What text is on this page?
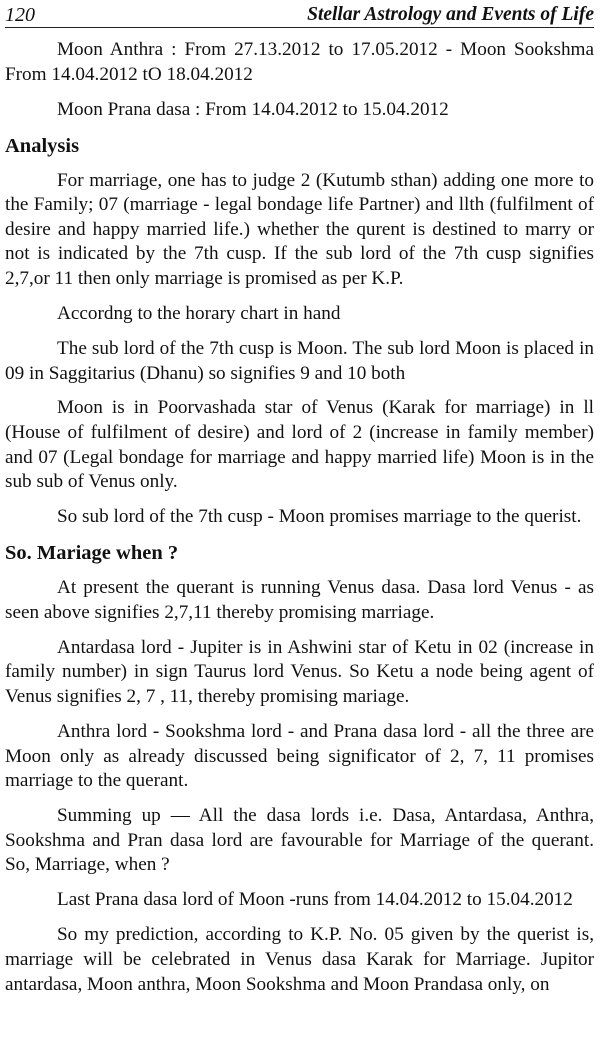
120	Stellar Astrology and Events of Life

Moon Anthra : From 27.13.2012 to 17.05.2012 - Moon Sookshma From 14.04.2012 tO 18.04.2012

Moon Prana dasa : From 14.04.2012 to 15.04.2012

Analysis

For marriage, one has to judge 2 (Kutumb sthan) adding one more to the Family; 07 (marriage - legal bondage life Partner) and llth (fulfilment of desire and happy married life.) whether the qurent is destined to marry or not is indicated by the 7th cusp. If the sub lord of the 7th cusp signifies 2,7,or 11 then only marriage is promised as per K.P.

Accordng to the horary chart in hand

The sub lord of the 7th cusp is Moon. The sub lord Moon is placed in 09 in Saggitarius (Dhanu) so signifies 9 and 10 both

Moon is in Poorvashada star of Venus (Karak for marriage) in ll (House of fulfilment of desire) and lord of 2 (increase in family member) and 07 (Legal bondage for marriage and happy married life) Moon is in the sub sub of Venus only.

So sub lord of the 7th cusp - Moon promises marriage to the querist.

So. Mariage when ?

At present the querant is running Venus dasa. Dasa lord Venus - as seen above signifies 2,7,11 thereby promising marriage.

Antardasa lord - Jupiter is in Ashwini star of Ketu in 02 (increase in family number) in sign Taurus lord Venus. So Ketu a node being agent of Venus signifies 2, 7 , 11, thereby promising mariage.

Anthra lord - Sookshma lord - and Prana dasa lord - all the three are Moon only as already discussed being significator of 2, 7, 11 promises marriage to the querant.

Summing up — All the dasa lords i.e. Dasa, Antardasa, Anthra, Sookshma and Pran dasa lord are favourable for Marriage of the querant. So, Marriage, when ?

Last Prana dasa lord of Moon -runs from 14.04.2012 to 15.04.2012

So my prediction, according to K.P. No. 05 given by the querist is, marriage will be celebrated in Venus dasa Karak for Marriage. Jupitor antardasa, Moon anthra, Moon Sookshma and Moon Prandasa only, on
